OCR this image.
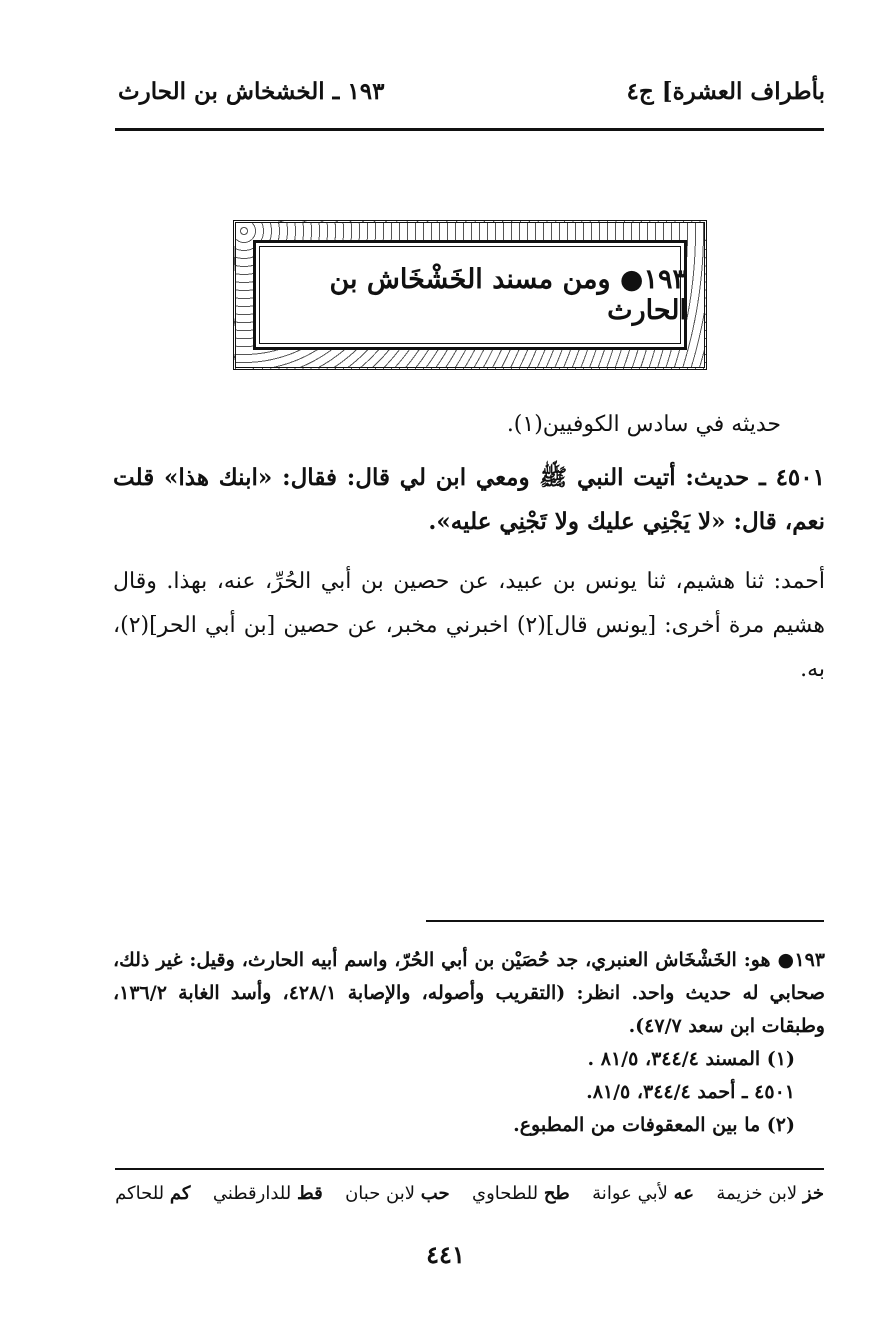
بأطراف العشرة] ج٤
١٩٣ ـ الخشخاش بن الحارث
١٩٣● ومن مسند الخَشْخَاش بن الحارث
حديثه في سادس الكوفيين(١).
٤٥٠١ ـ حديث: أتيت النبي ﷺ ومعي ابن لي قال: فقال: «ابنك هذا» قلت نعم، قال: «لا يَجْنِي عليك ولا تَجْنِي عليه».
أحمد: ثنا هشيم، ثنا يونس بن عبيد، عن حصين بن أبي الحُرِّ، عنه، بهذا. وقال هشيم مرة أخرى: [يونس قال](٢) اخبرني مخبر، عن حصين [بن أبي الحر](٢)، به.
١٩٣● هو: الخَشْخَاش العنبري، جد حُصَيْن بن أبي الحُرّ، واسم أبيه الحارث، وقيل: غير ذلك، صحابي له حديث واحد. انظر: (التقريب وأصوله، والإصابة ٤٢٨/١، وأسد الغابة ١٣٦/٢، وطبقات ابن سعد ٤٧/٧).
(١) المسند ٣٤٤/٤، ٨١/٥ .
٤٥٠١ ـ أحمد ٣٤٤/٤، ٨١/٥.
(٢) ما بين المعقوفات من المطبوع.
خز لابن خزيمة
عه لأبي عوانة
طح للطحاوي
حب لابن حبان
قط للدارقطني
كم للحاكم
٤٤١
